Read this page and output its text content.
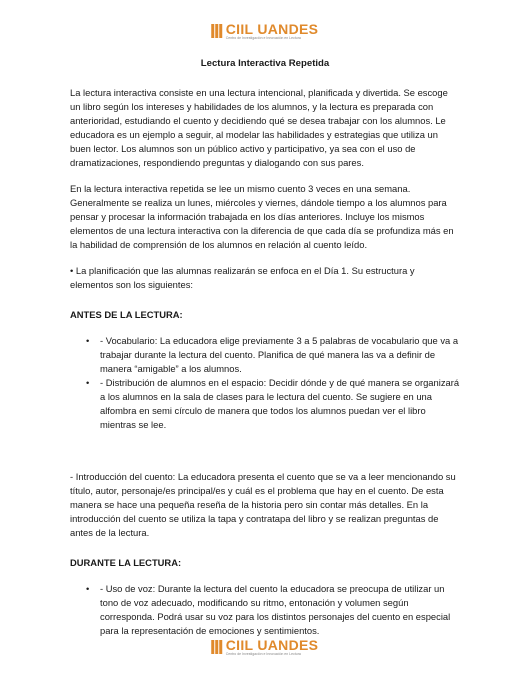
CIIL UANDES
Centro de Investigación e Innovación en Lectura
Lectura Interactiva Repetida

La lectura interactiva consiste en una lectura intencional, planificada y divertida. Se escoge un libro según los intereses y habilidades de los alumnos, y la lectura es preparada con anterioridad, estudiando el cuento y decidiendo qué se desea trabajar con los alumnos. Le educadora es un ejemplo a seguir, al modelar las habilidades y estrategias que utiliza un buen lector. Los alumnos son un público activo y participativo, ya sea con el uso de dramatizaciones, respondiendo preguntas y dialogando con sus pares.

En la lectura interactiva repetida se lee un mismo cuento 3 veces en una semana. Generalmente se realiza un lunes, miércoles y viernes, dándole tiempo a los alumnos para pensar y procesar la información trabajada en los días anteriores. Incluye los mismos elementos de una lectura interactiva con la diferencia de que cada día se profundiza más en la habilidad de comprensión de los alumnos en relación al cuento leído.

• La planificación que las alumnas realizarán se enfoca en el Día 1. Su estructura y elementos son los siguientes:

ANTES DE LA LECTURA:
• - Vocabulario: La educadora elige previamente 3 a 5 palabras de vocabulario que va a trabajar durante la lectura del cuento. Planifica de qué manera las va a definir de manera “amigable” a los alumnos.
• - Distribución de alumnos en el espacio: Decidir dónde y de qué manera se organizará a los alumnos en la sala de clases para le lectura del cuento. Se sugiere en una alfombra en semi círculo de manera que todos los alumnos puedan ver el libro mientras se lee.

- Introducción del cuento: La educadora presenta el cuento que se va a leer mencionando su título, autor, personaje/es principal/es y cuál es el problema que hay en el cuento. De esta manera se hace una pequeña reseña de la historia pero sin contar más detalles. En la introducción del cuento se utiliza la tapa y contratapa del libro y se realizan preguntas de antes de la lectura.

DURANTE LA LECTURA:
• - Uso de voz: Durante la lectura del cuento la educadora se preocupa de utilizar un tono de voz adecuado, modificando su ritmo, entonación y volumen según corresponda. Podrá usar su voz para los distintos personajes del cuento en especial para la representación de emociones y sentimientos.
CIIL UANDES
Centro de Investigación e Innovación en Lectura
